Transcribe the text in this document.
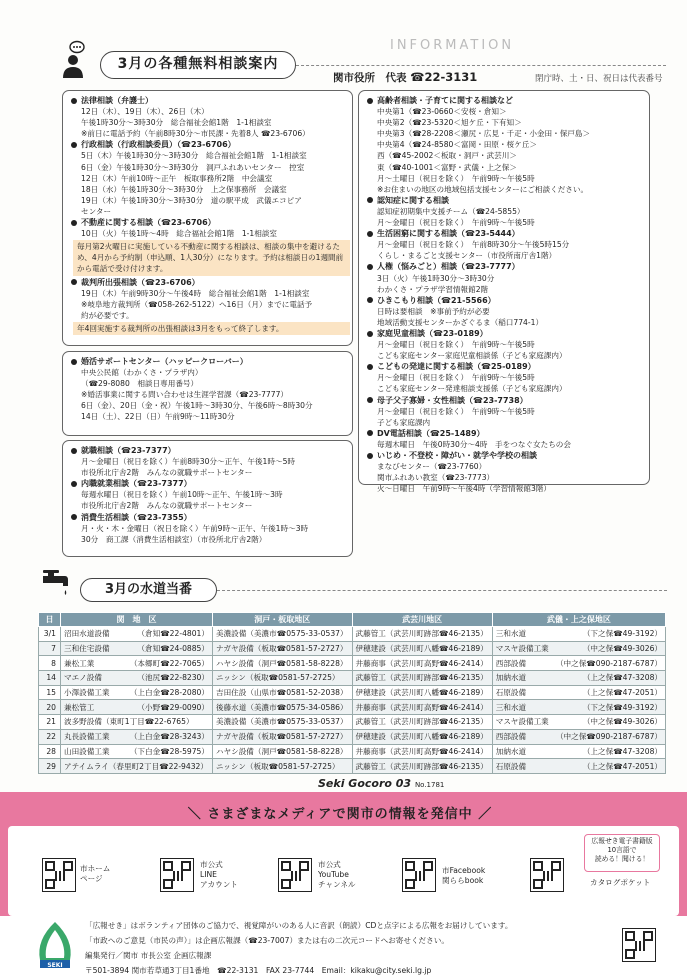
3月の各種無料相談案内
INFORMATION
関市役所　代表 ☎22-3131	閉庁時、土・日、祝日は代表番号
法律相談（弁護士）
12日（木）、19日（木）、26日（木）
午後1時30分〜3時30分　総合福祉会館1階　1-1相談室
※前日に電話予約（午前8時30分〜市民課・先着8人 ☎23-6706）
行政相談（行政相談委員）（☎23-6706）
5日（木）午後1時30分〜3時30分　総合福祉会館1階　1-1相談室
6日（金）午後1時30分〜3時30分　洞戸ふれあいセンター　控室
12日（木）午前10時〜正午　板取事務所2階　中会議室
18日（水）午後1時30分〜3時30分　上之保事務所　会議室
19日（木）午後1時30分〜3時30分　道の駅平成　武儀エコピア
センター
不動産に関する相談（☎23-6706）
10日（火）午後1時〜4時　総合福祉会館1階　1-1相談室
毎月第2火曜日に実施している不動産に関する相談は、相談の集中を避けるため、4月から予約制（申込順、1人30分）になります。予約は相談日の1週間前から電話で受け付けます。
裁判所出張相談（☎23-6706）
19日（木）午前9時30分〜午後4時　総合福祉会館1階　1-1相談室
※岐阜地方裁判所（☎058-262-5122）へ16日（月）までに電話予
約が必要です。
年4回実施する裁判所の出張相談は3月をもって終了します。
婚活サポートセンター（ハッピークローバー）
中央公民館（わかくさ・プラザ内）
（☎29-8080　相談日専用番号）
※婚活事業に関する問い合わせは生涯学習課（☎23-7777）
6日（金）、20日（金・祝）午後1時〜3時30分、午後6時〜8時30分
14日（土）、22日（日）午前9時〜11時30分
就職相談（☎23-7377）
月〜金曜日（祝日を除く）午前8時30分〜正午、午後1時〜5時
市役所北庁舎2階　みんなの就職サポートセンター
内職就業相談（☎23-7377）
毎週水曜日（祝日を除く）午前10時〜正午、午後1時〜3時
市役所北庁舎2階　みんなの就職サポートセンター
消費生活相談（☎23-7355）
月・火・木・金曜日（祝日を除く）午前9時〜正午、午後1時〜3時
30分　商工課（消費生活相談室）（市役所北庁舎2階）
高齢者相談・子育てに関する相談など
中央第1（☎23-0660＜安桜・倉知＞
中央第2（☎23-5320＜旭ケ丘・下有知＞
中央第3（☎28-2208＜瀬尻・広見・千疋・小金田・保戸島＞
中央第4（☎24-8580＜富岡・田原・桜ケ丘＞
西（☎45-2002＜板取・洞戸・武芸川＞
東（☎40-1001＜富野・武儀・上之保＞
月〜土曜日（祝日を除く）　午前9時〜午後5時
※お住まいの地区の地域包括支援センターにご相談ください。
認知症に関する相談
認知症初期集中支援チーム（☎24-5855）
月〜金曜日（祝日を除く）　午前9時〜午後5時
生活困窮に関する相談（☎23-5444）
月〜金曜日（祝日を除く）　午前8時30分〜午後5時15分
くらし・まるごと支援センター（市役所南庁舎1階）
人権（悩みごと）相談（☎23-7777）
3日（火）午後1時30分〜3時30分
わかくさ・プラザ学習情報館2階
ひきこもり相談（☎21-5566）
日時は要相談　※事前予約が必要
地域活動支援センターかざぐるま（稲口774-1）
家庭児童相談（☎23-0189）
月〜金曜日（祝日を除く）　午前9時〜午後5時
こども家庭センター家庭児童相談係（子ども家庭課内）
こどもの発達に関する相談（☎25-0189）
月〜金曜日（祝日を除く）　午前9時〜午後5時
こども家庭センター発達相談支援係（子ども家庭課内）
母子父子寡婦・女性相談（☎23-7738）
月〜金曜日（祝日を除く）　午前9時〜午後5時
子ども家庭課内
DV電話相談（☎25-1489）
毎週木曜日　午後0時30分〜4時　手をつなぐ女たちの会
いじめ・不登校・障がい・就学や学校の相談
まなびセンター（☎23-7760）
関市ふれあい教室（☎23-7773）
火〜日曜日　午前9時〜午後4時（学習情報館3階）
3月の水道当番
日	関　地　区		洞戸・板取地区	武芸川地区	武儀・上之保地区	
3/1	沼田水道設備	（倉知☎22-4801）	美濃設備（美濃市☎0575-33-0537）	武藤管工（武芸川町跡部☎46-2135）	三和水道	（下之保☎49-3192）
7	三和住宅設備	（倉知☎24-0885）	ナガヤ設備（板取☎0581-57-2727）	伊穂建設（武芸川町八幡☎46-2189）	マスヤ設備工業	（中之保☎49-3026）
8	兼松工業	（本郷町☎22-7065）	ハヤシ設備（洞戸☎0581-58-8228）	井藤商事（武芸川町高野☎46-2414）	西部設備	（中之保☎090-2187-6787）
14	マエノ設備	（池尻☎22-8230）	ニッシン（板取☎0581-57-2725）	武藤管工（武芸川町跡部☎46-2135）	加納水道	（上之保☎47-3208）
15	小澤設備工業	（上白金☎28-2080）	吉田住設（山県市☎0581-52-2038）	伊穂建設（武芸川町八幡☎46-2189）	石原設備	（上之保☎47-2051）
20	兼松管工	（小野☎29-0090）	後藤水道（美濃市☎0575-34-0586）	井藤商事（武芸川町高野☎46-2414）	三和水道	（下之保☎49-3192）
21	波多野設備（東町1丁目☎22-6765）		美濃設備（美濃市☎0575-33-0537）	武藤管工（武芸川町跡部☎46-2135）	マスヤ設備工業	（中之保☎49-3026）
22	丸長設備工業	（上白金☎28-3243）	ナガヤ設備（板取☎0581-57-2727）	伊穂建設（武芸川町八幡☎46-2189）	西部設備	（中之保☎090-2187-6787）
28	山田設備工業	（下白金☎28-5975）	ハヤシ設備（洞戸☎0581-58-8228）	井藤商事（武芸川町高野☎46-2414）	加納水道	（上之保☎47-3208）
29	アテイムライ（春里町2丁目☎22-9432）		ニッシン（板取☎0581-57-2725）	武藤管工（武芸川町跡部☎46-2135）	石原設備	（上之保☎47-2051）
Seki Gocoro 03 No.1781
＼ さまざまなメディアで関市の情報を発信中 ／
市ホーム
ページ
市公式
LINE
アカウント
市公式
YouTube
チャンネル
市Facebook
関ららbook
広報せき電子書籍版
10言語で
読める！聞ける！
カタログポケット
SEKI
「広報せき」はボランティア団体のご協力で、視覚障がいのある人に音訳（朗読）CDと点字による広報をお届けしています。
「市政へのご意見（市民の声）」は企画広報課（☎23-7007）または右の二次元コードへお寄せください。
編集発行／関市 市長公室 企画広報課
〒501-3894 関市若草通3丁目1番地　☎22-3131　FAX 23-7744　Email：kikaku@city.seki.lg.jp
